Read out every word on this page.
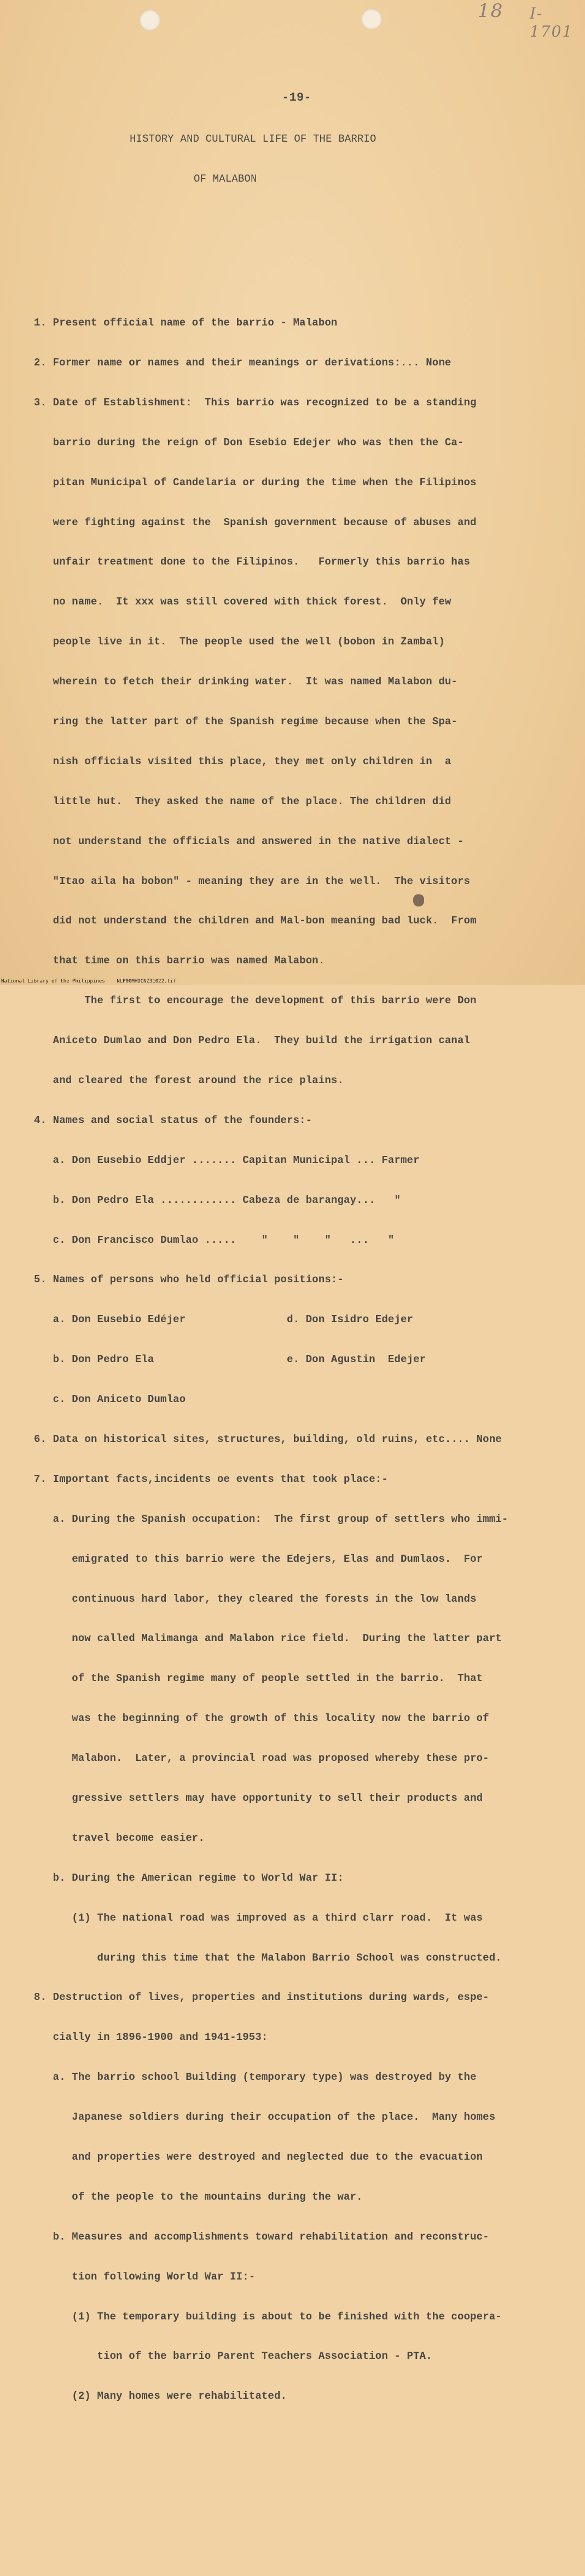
18 I-1701

-19-

HISTORY AND CULTURAL LIFE OF THE BARRIO

OF MALABON

1. Present official name of the barrio - Malabon

2. Former name or names and their meanings or derivations:... None

3. Date of Establishment:  This barrio was recognized to be a standing

barrio during the reign of Don Esebio Edejer who was then the Ca-

pitan Municipal of Candelaria or during the time when the Filipinos

were fighting against the  Spanish government because of abuses and

unfair treatment done to the Filipinos.   Formerly this barrio has

no name.  It xxx was still covered with thick forest.  Only few

people live in it.  The people used the well (bobon in Zambal)

wherein to fetch their drinking water.  It was named Malabon du-

ring the latter part of the Spanish regime because when the Spa-

nish officials visited this place, they met only children in  a

little hut.  They asked the name of the place. The children did

not understand the officials and answered in the native dialect -

"Itao aila ha bobon" - meaning they are in the well.  The visitors

did not understand the children and Mal-bon meaning bad luck.  From

that time on this barrio was named Malabon.

The first to encourage the development of this barrio were Don

Aniceto Dumlao and Don Pedro Ela.  They build the irrigation canal

and cleared the forest around the rice plains.

4. Names and social status of the founders:-

a. Don Eusebio Eddjer ....... Capitan Municipal ... Farmer

b. Don Pedro Ela ............ Cabeza de barangay...   "

c. Don Francisco Dumlao .....    "    "    "   ...   "

5. Names of persons who held official positions:-

a. Don Eusebio Edéjer                d. Don Isidro Edejer

b. Don Pedro Ela                     e. Don Agustin  Edejer

c. Don Aniceto Dumlao

6. Data on historical sites, structures, building, old ruins, etc.... None

7. Important facts,incidents oe events that took place:-

a. During the Spanish occupation:  The first group of settlers who immi-

emigrated to this barrio were the Edejers, Elas and Dumlaos.  For

continuous hard labor, they cleared the forests in the low lands

now called Malimanga and Malabon rice field.  During the latter part

of the Spanish regime many of people settled in the barrio.  That

was the beginning of the growth of this locality now the barrio of

Malabon.  Later, a provincial road was proposed whereby these pro-

gressive settlers may have opportunity to sell their products and

travel become easier.

b. During the American regime to World War II:

(1) The national road was improved as a third clarr road.  It was

during this time that the Malabon Barrio School was constructed.

8. Destruction of lives, properties and institutions during wards, espe-

cially in 1896-1900 and 1941-1953:

a. The barrio school Building (temporary type) was destroyed by the

Japanese soldiers during their occupation of the place.  Many homes

and properties were destroyed and neglected due to the evacuation

of the people to the mountains during the war.

b. Measures and accomplishments toward rehabilitation and reconstruc-

tion following World War II:-

(1) The temporary building is about to be finished with the coopera-

tion of the barrio Parent Teachers Association - PTA.

(2) Many homes were rehabilitated.

National Library of the Philippines    NLP00MHDCNZ31022.tif
